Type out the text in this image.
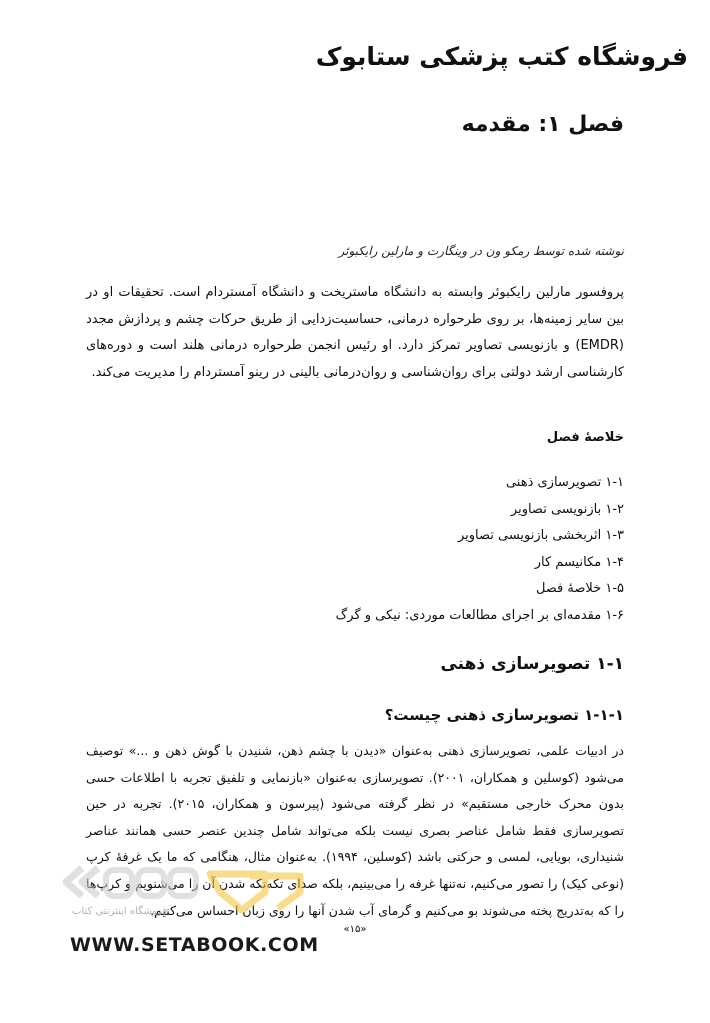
فروشگاه کتب پزشکی ستابوک
فصل ۱: مقدمه

نوشته شده توسط رمکو ون در وینگارت و مارلین رایکبوئر

پروفسور مارلین رایکبوئر وابسته به دانشگاه ماستریخت و دانشگاه آمستردام است. تحقیقات او در بین سایر زمینه‌ها، بر روی طرحواره درمانی، حساسیت‌زدایی از طریق حرکات چشم و پردازش مجدد (EMDR) و بازنویسی تصاویر تمرکز دارد. او رئیس انجمن طرحواره درمانی هلند است و دوره‌های کارشناسی ارشد دولتی برای روان‌شناسی و روان‌درمانی بالینی در رینو آمستردام را مدیریت می‌کند.

خلاصهٔ فصل
۱-۱ تصویرسازی ذهنی
۱-۲ بازنویسی تصاویر
۱-۳ اثربخشی بازنویسی تصاویر
۱-۴ مکانیسم کار
۱-۵ خلاصهٔ فصل
۱-۶ مقدمه‌ای بر اجرای مطالعات موردی: نیکی و گرگ
۱-۱ تصویرسازی ذهنی
۱-۱-۱ تصویرسازی ذهنی چیست؟

در ادبیات علمی، تصویرسازی ذهنی به‌عنوان «دیدن با چشم ذهن، شنیدن با گوش ذهن و ...» توصیف می‌شود (کوسلین و همکاران، ۲۰۰۱). تصویرسازی به‌عنوان «بازنمایی و تلفیق تجربه با اطلاعات حسی بدون محرک خارجی مستقیم» در نظر گرفته می‌شود (پیرسون و همکاران، ۲۰۱۵). تجربه در حین تصویرسازی فقط شامل عناصر بصری نیست بلکه می‌تواند شامل چندین عنصر حسی همانند عناصر شنیداری، بویایی، لمسی و حرکتی باشد (کوسلین، ۱۹۹۴). به‌عنوان مثال، هنگامی که ما یک غرفهٔ کرپ (نوعی کیک) را تصور می‌کنیم، نه‌تنها غرفه را می‌بینیم، بلکه صدای تکه‌تکه شدن آن را می‌شنویم و کرپ‌ها را که به‌تدریج پخته می‌شوند بو می‌کنیم و گرمای آب شدن آنها را روی زبان احساس می‌کنیم.

فروشگاه اینترنتی کتاب

«۱۵»

WWW.SETABOOK.COM
